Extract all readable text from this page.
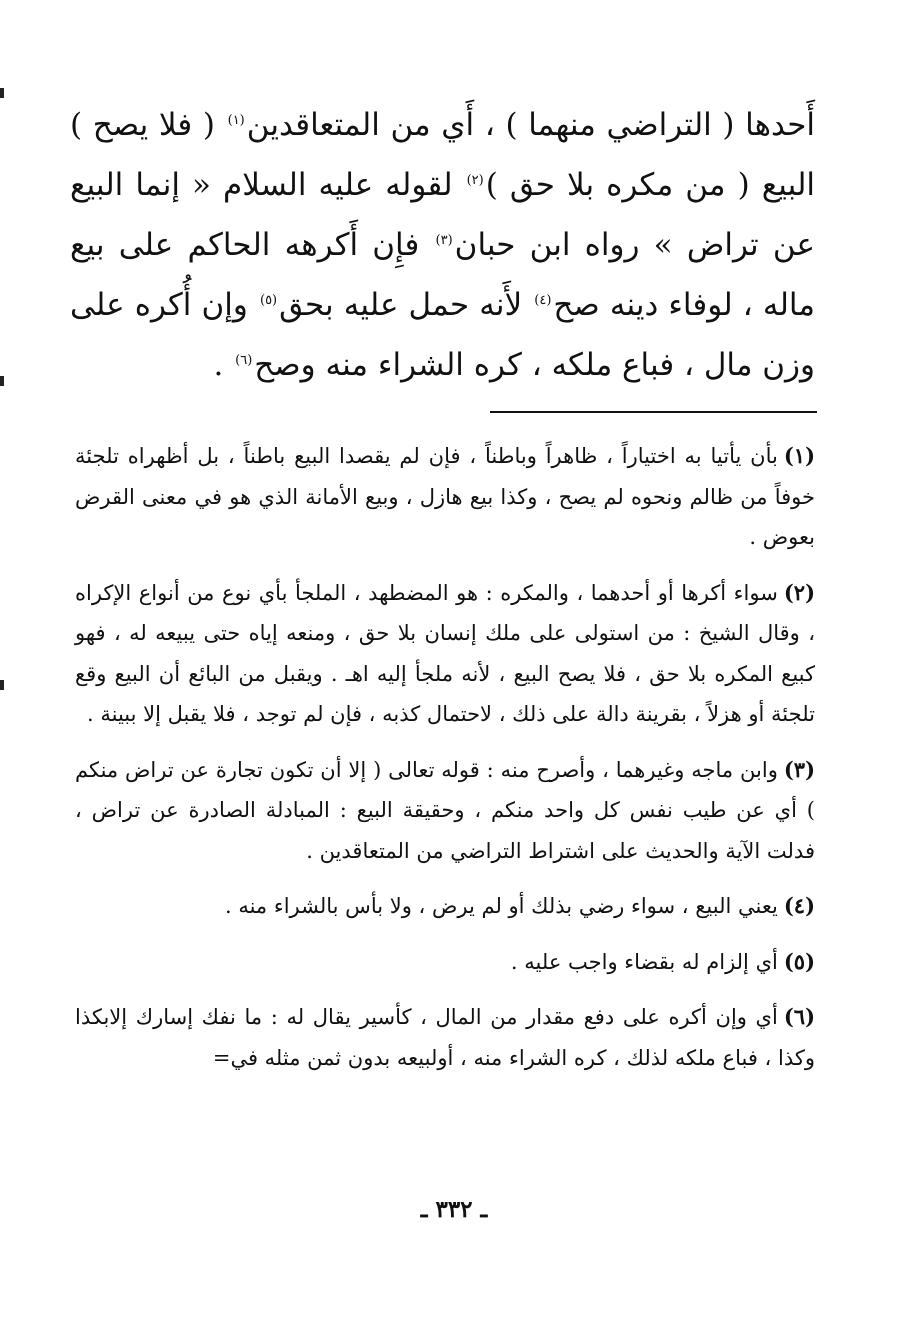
أَحدها ( التراضي منهما ) ، أَي من المتعاقدين$^{(١)}$ ( فلا يصح ) البيع ( من مكره بلا حق )$^{(٢)}$ لقوله عليه السلام « إنما البيع عن تراض » رواه ابن حبان$^{(٣)}$ فإِن أَكرهه الحاكم على بيع ماله ، لوفاء دينه صح$^{(٤)}$ لأَنه حمل عليه بحق$^{(٥)}$ وإن أُكره على وزن مال ، فباع ملكه ، كره الشراء منه وصح$^{(٦)}$ .

(١)بأن يأتيا به اختياراً ، ظاهراً وباطناً ، فإن لم يقصدا البيع باطناً ، بل أظهراه تلجئة خوفاً من ظالم ونحوه لم يصح ، وكذا بيع هازل ، وبيع الأمانة الذي هو في معنى القرض بعوض .
(٢)سواء أكرها أو أحدهما ، والمكره : هو المضطهد ، الملجأ بأي نوع من أنواع الإكراه ، وقال الشيخ : من استولى على ملك إنسان بلا حق ، ومنعه إياه حتى يبيعه له ، فهو كبيع المكره بلا حق ، فلا يصح البيع ، لأنه ملجأ إليه اهـ . ويقبل من البائع أن البيع وقع تلجئة أو هزلاً ، بقرينة دالة على ذلك ، لاحتمال كذبه ، فإن لم توجد ، فلا يقبل إلا ببينة .
(٣)وابن ماجه وغيرهما ، وأصرح منه : قوله تعالى ( إلا أن تكون تجارة عن تراض منكم ) أي عن طيب نفس كل واحد منكم ، وحقيقة البيع : المبادلة الصادرة عن تراض ، فدلت الآية والحديث على اشتراط التراضي من المتعاقدين .
(٤)يعني البيع ، سواء رضي بذلك أو لم يرض ، ولا بأس بالشراء منه .
(٥)أي إلزام له بقضاء واجب عليه .
(٦)أي وإن أكره على دفع مقدار من المال ، كأسير يقال له : ما نفك إسارك إلابكذا وكذا ، فباع ملكه لذلك ، كره الشراء منه ، أولبيعه بدون ثمن مثله في=
ـ ٣٣٢ ـ
